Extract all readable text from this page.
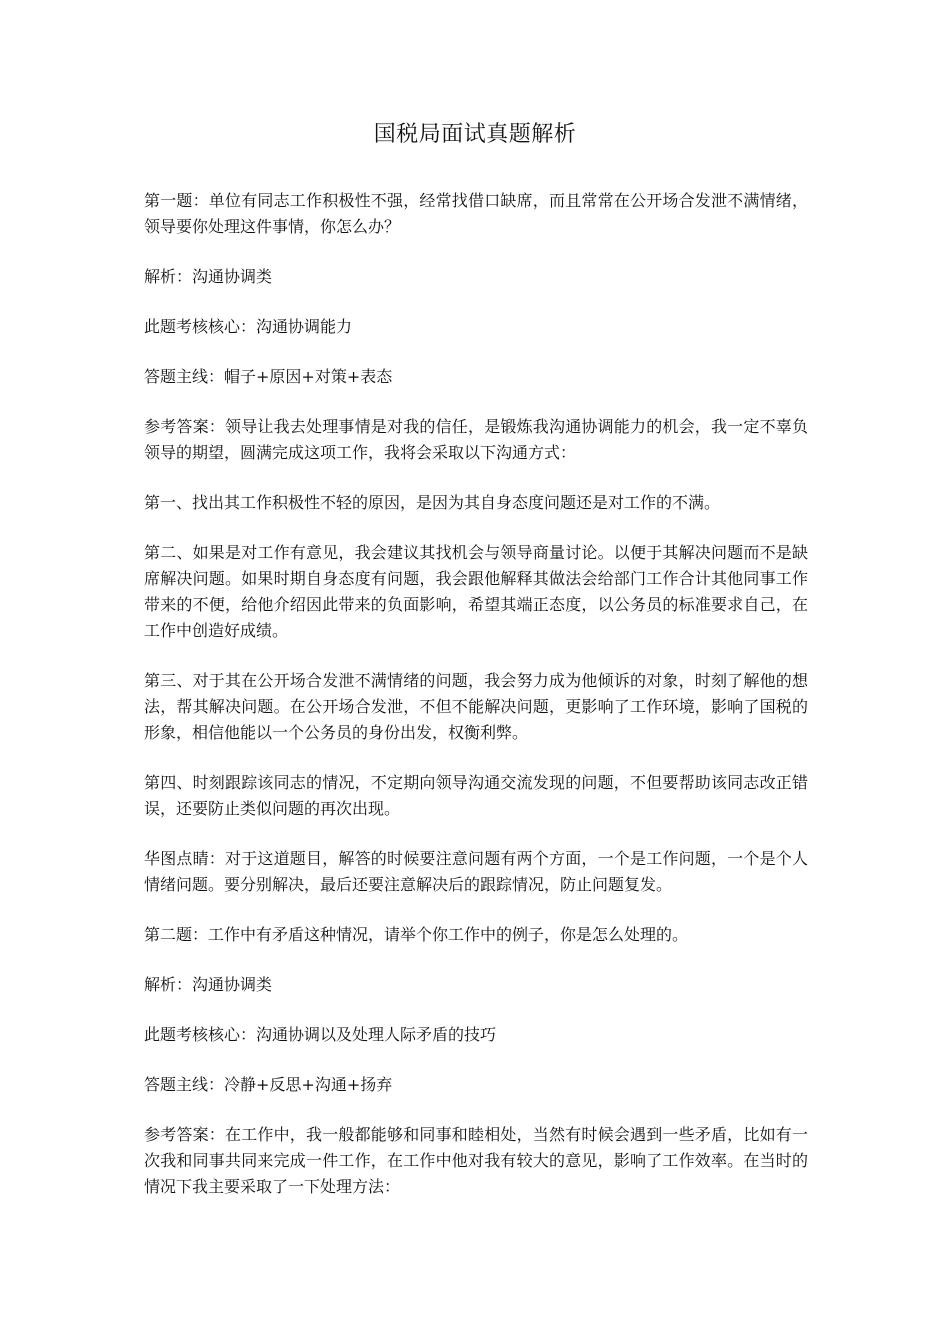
国税局面试真题解析

第一题：单位有同志工作积极性不强，经常找借口缺席，而且常常在公开场合发泄不满情绪，领导要你处理这件事情，你怎么办？

解析：沟通协调类

此题考核核心：沟通协调能力

答题主线：帽子+原因+对策+表态

参考答案：领导让我去处理事情是对我的信任，是锻炼我沟通协调能力的机会，我一定不辜负领导的期望，圆满完成这项工作，我将会采取以下沟通方式：

第一、找出其工作积极性不轻的原因，是因为其自身态度问题还是对工作的不满。

第二、如果是对工作有意见，我会建议其找机会与领导商量讨论。以便于其解决问题而不是缺席解决问题。如果时期自身态度有问题，我会跟他解释其做法会给部门工作合计其他同事工作带来的不便，给他介绍因此带来的负面影响，希望其端正态度，以公务员的标准要求自己，在工作中创造好成绩。

第三、对于其在公开场合发泄不满情绪的问题，我会努力成为他倾诉的对象，时刻了解他的想法，帮其解决问题。在公开场合发泄，不但不能解决问题，更影响了工作环境，影响了国税的形象，相信他能以一个公务员的身份出发，权衡利弊。

第四、时刻跟踪该同志的情况，不定期向领导沟通交流发现的问题，不但要帮助该同志改正错误，还要防止类似问题的再次出现。

华图点睛：对于这道题目，解答的时候要注意问题有两个方面，一个是工作问题，一个是个人情绪问题。要分别解决，最后还要注意解决后的跟踪情况，防止问题复发。

第二题：工作中有矛盾这种情况，请举个你工作中的例子，你是怎么处理的。

解析：沟通协调类

此题考核核心：沟通协调以及处理人际矛盾的技巧

答题主线：冷静+反思+沟通+扬弃

参考答案：在工作中，我一般都能够和同事和睦相处，当然有时候会遇到一些矛盾，比如有一次我和同事共同来完成一件工作，在工作中他对我有较大的意见，影响了工作效率。在当时的情况下我主要采取了一下处理方法：
